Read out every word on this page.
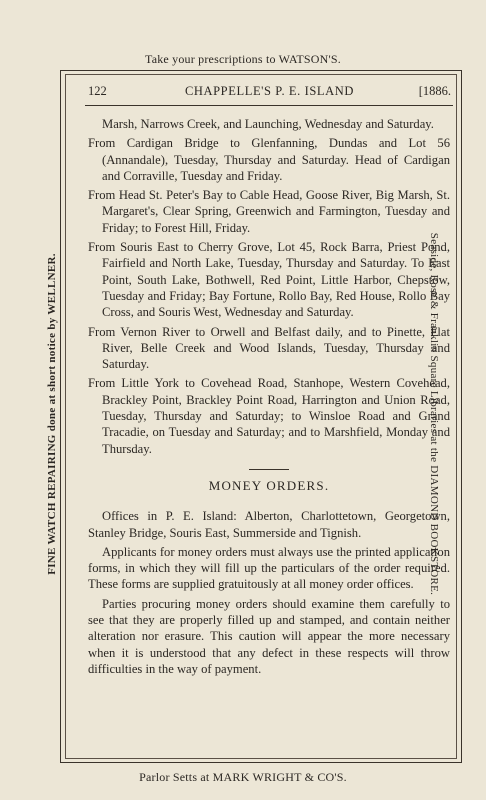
Take your prescriptions to WATSON'S.
FINE WATCH REPAIRING done at short notice by WELLNER.	Seaside, Rose & Franklin Square Libraries at the DIAMOND BOOKSTORE.
122	CHAPPELLE'S P. E. ISLAND	[1886.

Marsh, Narrows Creek, and Launching, Wednesday and Saturday.

From Cardigan Bridge to Glenfanning, Dundas and Lot 56 (Annandale), Tuesday, Thursday and Saturday. Head of Cardigan and Corraville, Tuesday and Friday.

From Head St. Peter's Bay to Cable Head, Goose River, Big Marsh, St. Margaret's, Clear Spring, Greenwich and Farmington, Tuesday and Friday; to Forest Hill, Friday.

From Souris East to Cherry Grove, Lot 45, Rock Barra, Priest Pond, Fairfield and North Lake, Tuesday, Thursday and Saturday. To East Point, South Lake, Bothwell, Red Point, Little Harbor, Chepstow, Tuesday and Friday; Bay Fortune, Rollo Bay, Red House, Rollo Bay Cross, and Souris West, Wednesday and Saturday.

From Vernon River to Orwell and Belfast daily, and to Pinette, Flat River, Belle Creek and Wood Islands, Tuesday, Thursday and Saturday.

From Little York to Covehead Road, Stanhope, Western Covehead, Brackley Point, Brackley Point Road, Harrington and Union Road, Tuesday, Thursday and Saturday; to Winsloe Road and Grand Tracadie, on Tuesday and Saturday; and to Marshfield, Monday and Thursday.

MONEY ORDERS.

Offices in P. E. Island: Alberton, Charlottetown, Georgetown, Stanley Bridge, Souris East, Summerside and Tignish.

Applicants for money orders must always use the printed application forms, in which they will fill up the particulars of the order required. These forms are supplied gratuitously at all money order offices.

Parties procuring money orders should examine them carefully to see that they are properly filled up and stamped, and contain neither alteration nor erasure. This caution will appear the more necessary when it is understood that any defect in these respects will throw difficulties in the way of payment.

Parlor Setts at MARK WRIGHT & CO'S.
